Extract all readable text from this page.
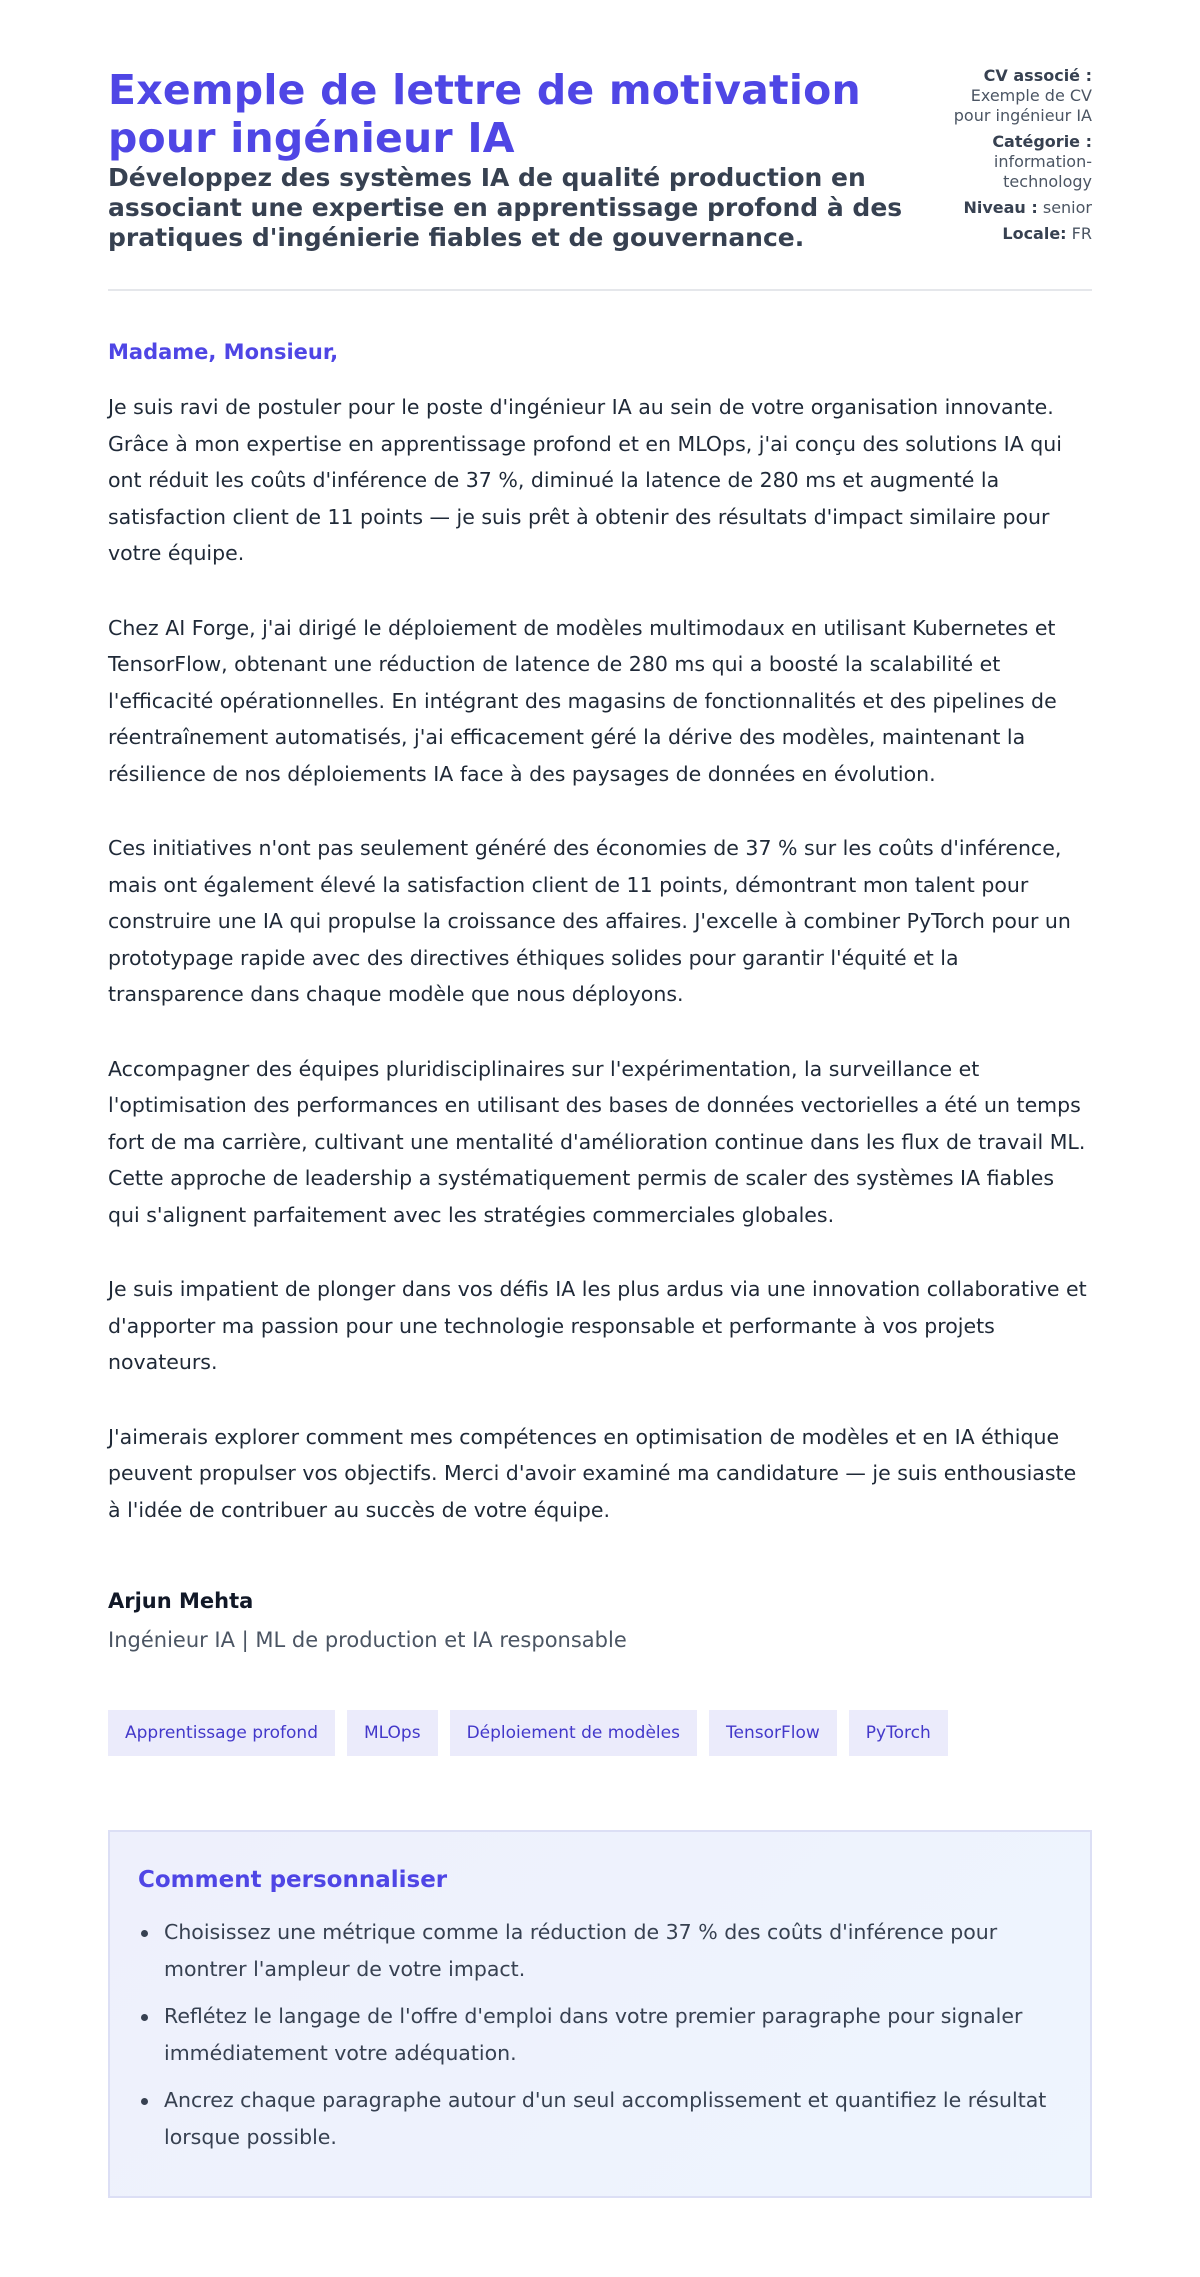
Exemple de lettre de motivation pour ingénieur IA
Développez des systèmes IA de qualité production en associant une expertise en apprentissage profond à des pratiques d'ingénierie fiables et de gouvernance.
CV associé :
Exemple de CV pour ingénieur IA
Catégorie :
information-technology
Niveau : senior
Locale: FR

Madame, Monsieur,

Je suis ravi de postuler pour le poste d'ingénieur IA au sein de votre organisation innovante. Grâce à mon expertise en apprentissage profond et en MLOps, j'ai conçu des solutions IA qui ont réduit les coûts d'inférence de 37 %, diminué la latence de 280 ms et augmenté la satisfaction client de 11 points — je suis prêt à obtenir des résultats d'impact similaire pour votre équipe.

Chez AI Forge, j'ai dirigé le déploiement de modèles multimodaux en utilisant Kubernetes et TensorFlow, obtenant une réduction de latence de 280 ms qui a boosté la scalabilité et l'efficacité opérationnelles. En intégrant des magasins de fonctionnalités et des pipelines de réentraînement automatisés, j'ai efficacement géré la dérive des modèles, maintenant la résilience de nos déploiements IA face à des paysages de données en évolution.

Ces initiatives n'ont pas seulement généré des économies de 37 % sur les coûts d'inférence, mais ont également élevé la satisfaction client de 11 points, démontrant mon talent pour construire une IA qui propulse la croissance des affaires. J'excelle à combiner PyTorch pour un prototypage rapide avec des directives éthiques solides pour garantir l'équité et la transparence dans chaque modèle que nous déployons.

Accompagner des équipes pluridisciplinaires sur l'expérimentation, la surveillance et l'optimisation des performances en utilisant des bases de données vectorielles a été un temps fort de ma carrière, cultivant une mentalité d'amélioration continue dans les flux de travail ML. Cette approche de leadership a systématiquement permis de scaler des systèmes IA fiables qui s'alignent parfaitement avec les stratégies commerciales globales.

Je suis impatient de plonger dans vos défis IA les plus ardus via une innovation collaborative et d'apporter ma passion pour une technologie responsable et performante à vos projets novateurs.

J'aimerais explorer comment mes compétences en optimisation de modèles et en IA éthique peuvent propulser vos objectifs. Merci d'avoir examiné ma candidature — je suis enthousiaste à l'idée de contribuer au succès de votre équipe.

Arjun Mehta
Ingénieur IA | ML de production et IA responsable
Apprentissage profond	MLOps	Déploiement de modèles	TensorFlow	PyTorch
Comment personnaliser
Choisissez une métrique comme la réduction de 37 % des coûts d'inférence pour montrer l'ampleur de votre impact.
Reflétez le langage de l'offre d'emploi dans votre premier paragraphe pour signaler immédiatement votre adéquation.
Ancrez chaque paragraphe autour d'un seul accomplissement et quantifiez le résultat lorsque possible.
